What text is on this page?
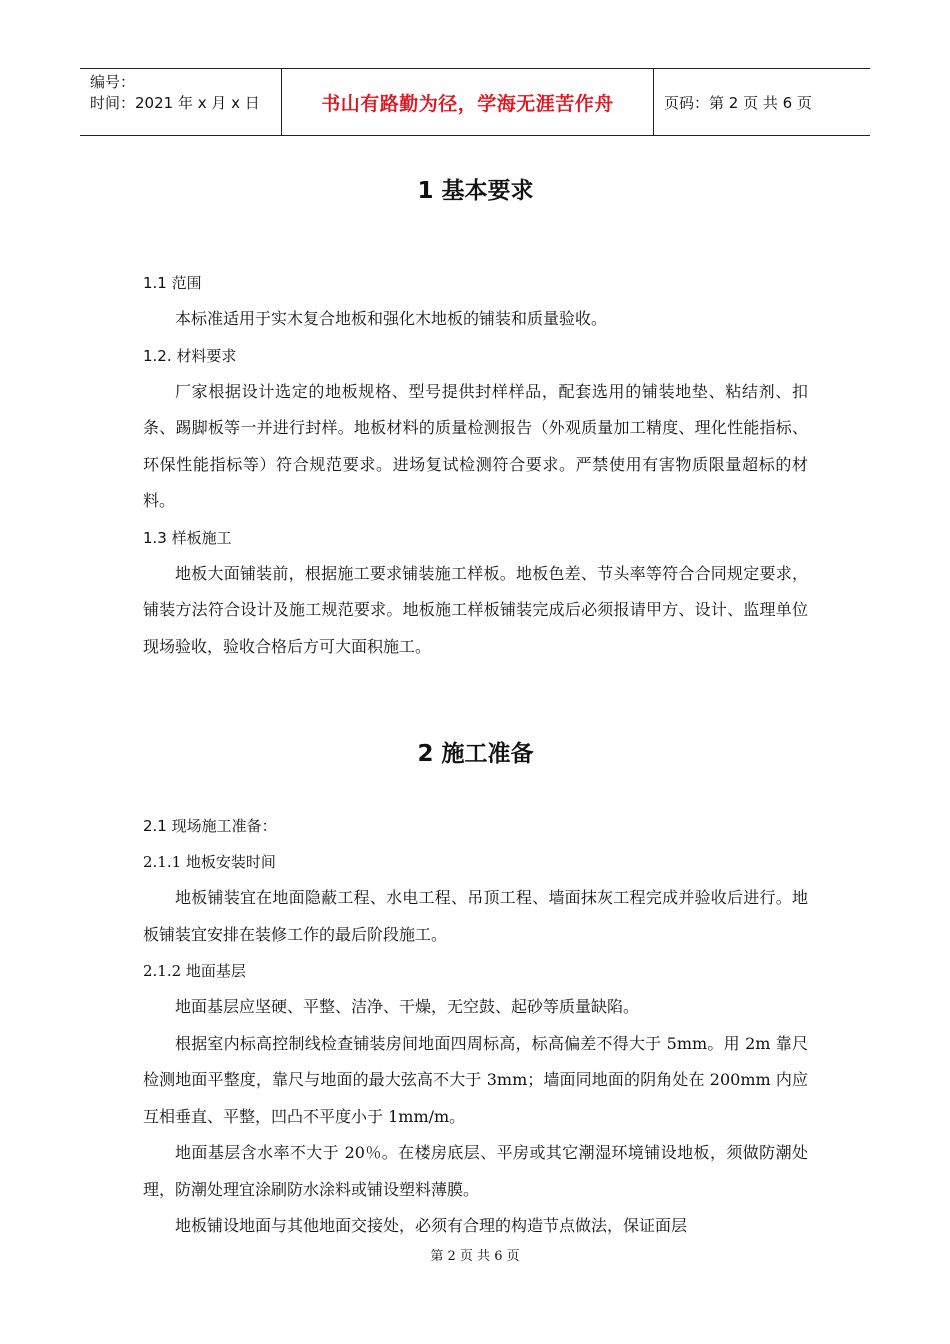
编号：
时间：2021 年 x 月 x 日	书山有路勤为径，学海无涯苦作舟	页码：第 2 页 共 6 页
1 基本要求

1.1 范围

本标准适用于实木复合地板和强化木地板的铺装和质量验收。

1.2. 材料要求

厂家根据设计选定的地板规格、型号提供封样样品，配套选用的铺装地垫、粘结剂、扣条、踢脚板等一并进行封样。地板材料的质量检测报告（外观质量加工精度、理化性能指标、环保性能指标等）符合规范要求。进场复试检测符合要求。严禁使用有害物质限量超标的材料。

1.3 样板施工

地板大面铺装前，根据施工要求铺装施工样板。地板色差、节头率等符合合同规定要求，铺装方法符合设计及施工规范要求。地板施工样板铺装完成后必须报请甲方、设计、监理单位现场验收，验收合格后方可大面积施工。

2 施工准备

2.1 现场施工准备：

2.1.1 地板安装时间

地板铺装宜在地面隐蔽工程、水电工程、吊顶工程、墙面抹灰工程完成并验收后进行。地板铺装宜安排在装修工作的最后阶段施工。

2.1.2 地面基层

地面基层应坚硬、平整、洁净、干燥，无空鼓、起砂等质量缺陷。

根据室内标高控制线检查铺装房间地面四周标高，标高偏差不得大于 5mm。用 2m 靠尺检测地面平整度，靠尺与地面的最大弦高不大于 3mm；墙面同地面的阴角处在 200mm 内应互相垂直、平整，凹凸不平度小于 1mm/m。

地面基层含水率不大于 20％。在楼房底层、平房或其它潮湿环境铺设地板，须做防潮处理，防潮处理宜涂刷防水涂料或铺设塑料薄膜。

地板铺设地面与其他地面交接处，必须有合理的构造节点做法，保证面层

第 2 页 共 6 页
